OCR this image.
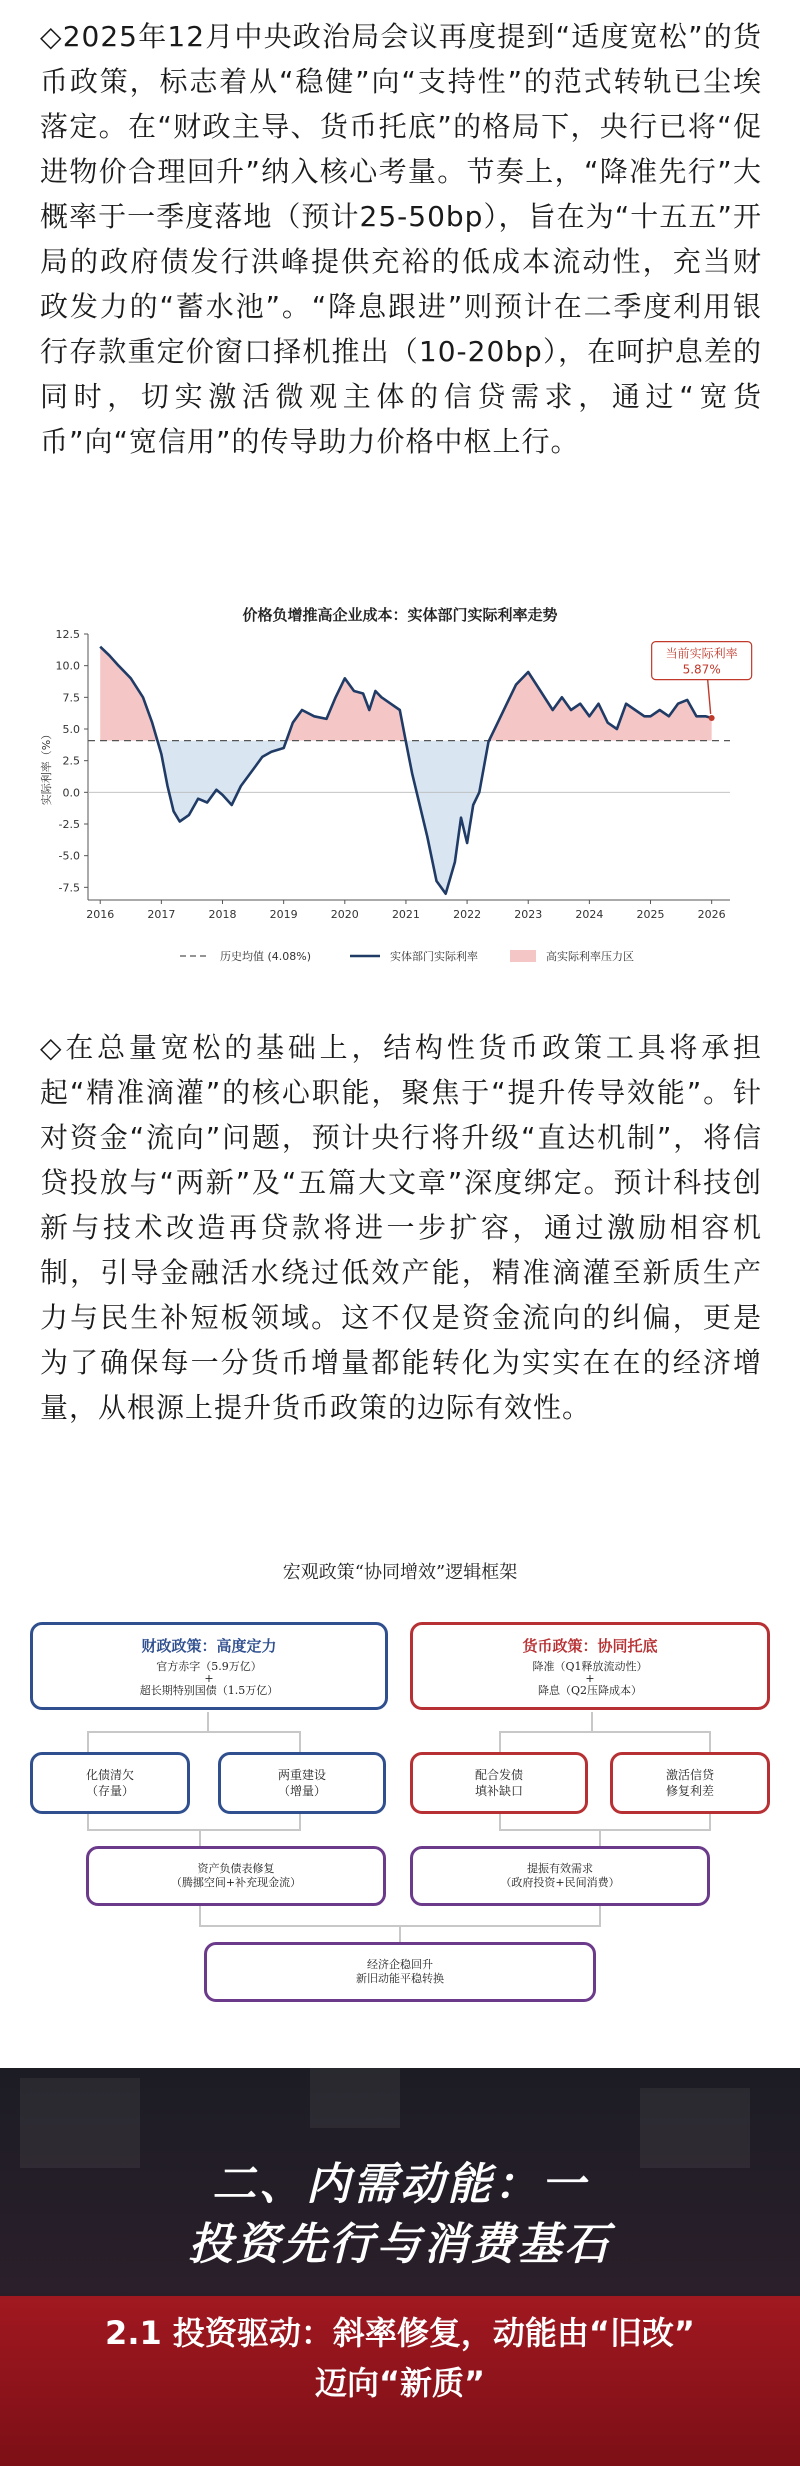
◇2025年12月中央政治局会议再度提到“适度宽松”的货币政策，标志着从“稳健”向“支持性”的范式转轨已尘埃落定。在“财政主导、货币托底”的格局下，央行已将“促进物价合理回升”纳入核心考量。节奏上，“降准先行”大概率于一季度落地（预计25-50bp），旨在为“十五五”开局的政府债发行洪峰提供充裕的低成本流动性，充当财政发力的“蓄水池”。“降息跟进”则预计在二季度利用银行存款重定价窗口择机推出（10-20bp），在呵护息差的同时，切实激活微观主体的信贷需求，通过“宽货币”向“宽信用”的传导助力价格中枢上行。
价格负增推高企业成本：实体部门实际利率走势
12.5
10.0
7.5
5.0
2.5
0.0
-2.5
-5.0
-7.5
2016	2017	2018	2019	2020	2021	2022	2023	2024	2025	2026
实际利率（%）
当前实际利率
5.87%
历史均值 (4.08%)	实体部门实际利率	高实际利率压力区
◇在总量宽松的基础上，结构性货币政策工具将承担起“精准滴灌”的核心职能，聚焦于“提升传导效能”。针对资金“流向”问题，预计央行将升级“直达机制”，将信贷投放与“两新”及“五篇大文章”深度绑定。预计科技创新与技术改造再贷款将进一步扩容，通过激励相容机制，引导金融活水绕过低效产能，精准滴灌至新质生产力与民生补短板领域。这不仅是资金流向的纠偏，更是为了确保每一分货币增量都能转化为实实在在的经济增量，从根源上提升货币政策的边际有效性。
宏观政策“协同增效”逻辑框架
财政政策：高度定力
官方赤字（5.9万亿）
+
超长期特别国债（1.5万亿）
货币政策：协同托底
降准（Q1释放流动性）
+
降息（Q2压降成本）
化债清欠
（存量）
两重建设
（增量）
配合发债
填补缺口
激活信贷
修复利差
资产负债表修复
（腾挪空间+补充现金流）
提振有效需求
（政府投资+民间消费）
经济企稳回升
新旧动能平稳转换
二、内需动能：一
投资先行与消费基石
2.1 投资驱动：斜率修复，动能由“旧改”
迈向“新质”
